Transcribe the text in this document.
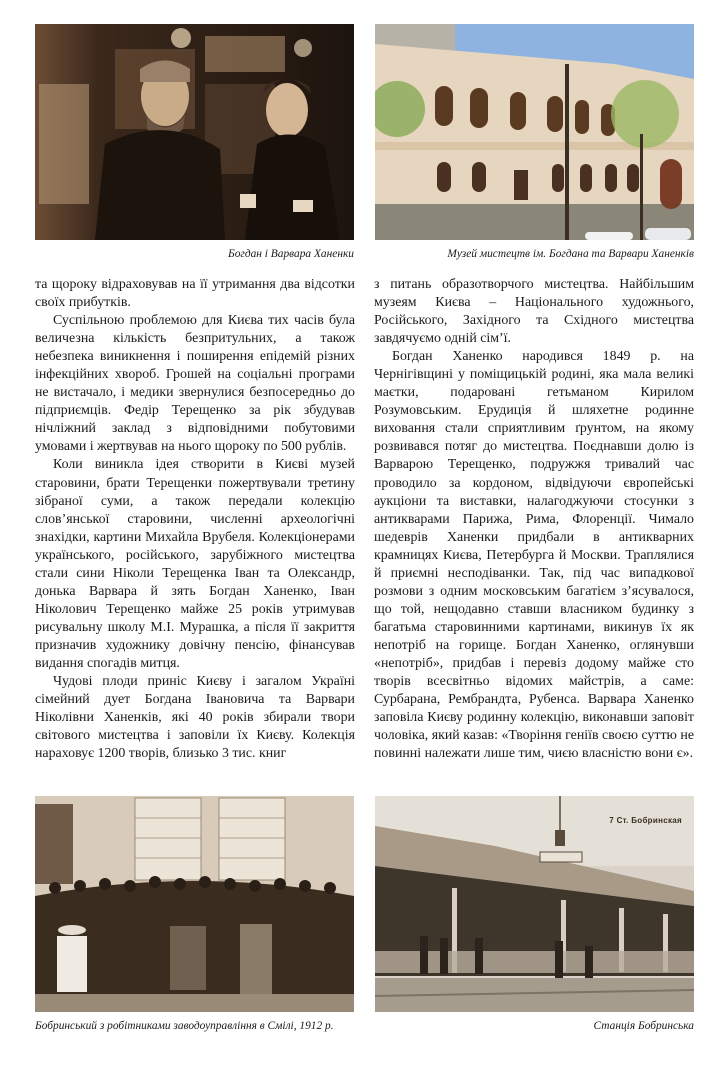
Богдан і Варвара Ханенки	Музей мистецтв ім. Богдана та Варвари Ханенків

та щороку відраховував на її утримання два відсотки своїх прибутків.

Суспільною проблемою для Києва тих часів була величезна кількість безпритульних, а також небезпека виникнення і поширення епідемій різних інфекційних хвороб. Грошей на соціальні програми не вистачало, і медики звернулися безпосередньо до підприємців. Федір Терещенко за рік збудував нічліжний заклад з відповідними побутовими умовами і жертвував на нього щороку по 500 рублів.

Коли виникла ідея створити в Києві музей старовини, брати Терещенки пожертвували третину зібраної суми, а також передали колекцію слов’янської старовини, численні археологічні знахідки, картини Михайла Врубеля. Колекціонерами українського, російського, зарубіжного мистецтва стали сини Ніколи Терещенка Іван та Олександр, донька Варвара й зять Богдан Ханенко, Іван Ніколович Терещенко майже 25 років утримував рисувальну школу М.І. Мурашка, а після її закриття призначив художнику довічну пенсію, фінансував видання спогадів митця.

Чудові плоди приніс Києву і загалом Україні сімейний дует Богдана Івановича та Варвари Ніколівни Ханенків, які 40 років збирали твори світового мистецтва і заповіли їх Києву. Колекція нараховує 1200 творів, близько 3 тис. книг

з питань образотворчого мистецтва. Найбільшим музеям Києва – Національного художнього, Російського, Західного та Східного мистецтва завдячуємо одній сім’ї.

Богдан Ханенко народився 1849 р. на Чернігівщині у поміщицькій родині, яка мала великі маєтки, подаровані гетьманом Кирилом Розумовським. Ерудиція й шляхетне родинне виховання стали сприятливим ґрунтом, на якому розвивався потяг до мистецтва. Поєднавши долю із Варварою Терещенко, подружжя тривалий час проводило за кордоном, відвідуючи європейські аукціони та виставки, налагоджуючи стосунки з антикварами Парижа, Рима, Флоренції. Чимало шедеврів Ханенки придбали в антикварних крамницях Києва, Петербурга й Москви. Траплялися й приємні несподіванки. Так, під час випадкової розмови з одним московським багатієм з’ясувалося, що той, нещодавно ставши власником будинку з багатьма старовинними картинами, викинув їх як непотріб на горище. Богдан Ханенко, оглянувши «непотріб», придбав і перевіз додому майже сто творів всесвітньо відомих майстрів, а саме: Сурбарана, Рембрандта, Рубенса. Варвара Ханенко заповіла Києву родинну колекцію, виконавши заповіт чоловіка, який казав: «Творіння геніїв своєю суттю не повинні належати лише тим, чиєю власністю вони є».

Бобринський з робітниками заводоуправління в Смілі, 1912 р.
7 Ст. Бобринская
Станція Бобринська
